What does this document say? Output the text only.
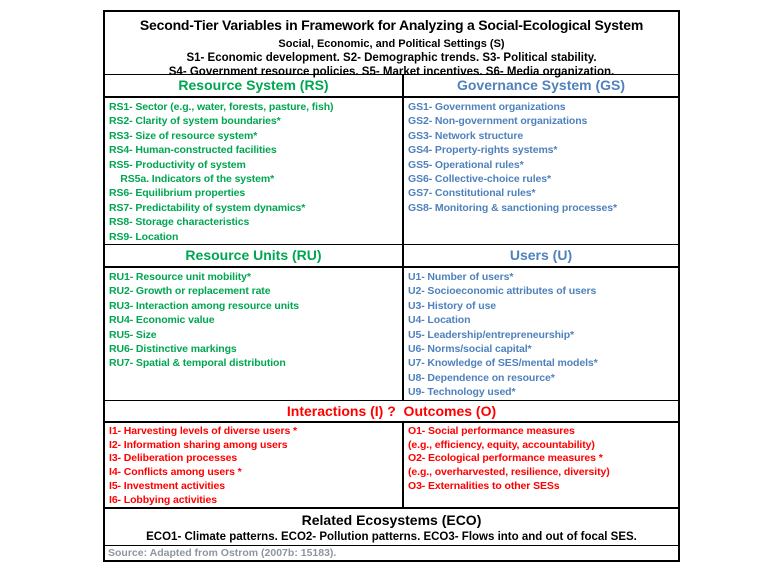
Second-Tier Variables in Framework for Analyzing a Social-Ecological System
Social, Economic, and Political Settings (S)
S1- Economic development. S2- Demographic trends. S3- Political stability.
S4- Government resource policies. S5- Market incentives. S6- Media organization.
Resource System (RS)	Governance System (GS)
RS1- Sector (e.g., water, forests, pasture, fish)
RS2- Clarity of system boundaries*
RS3- Size of resource system*
RS4- Human-constructed facilities
RS5- Productivity of system
RS5a. Indicators of the system*
RS6- Equilibrium properties
RS7- Predictability of system dynamics*
RS8- Storage characteristics
RS9- Location
GS1- Government organizations
GS2- Non-government organizations
GS3- Network structure
GS4- Property-rights systems*
GS5- Operational rules*
GS6- Collective-choice rules*
GS7- Constitutional rules*
GS8- Monitoring & sanctioning processes*
Resource Units (RU)	Users (U)
RU1- Resource unit mobility*
RU2- Growth or replacement rate
RU3- Interaction among resource units
RU4- Economic value
RU5- Size
RU6- Distinctive markings
RU7- Spatial & temporal distribution
U1- Number of users*
U2- Socioeconomic attributes of users
U3- History of use
U4- Location
U5- Leadership/entrepreneurship*
U6- Norms/social capital*
U7- Knowledge of SES/mental models*
U8- Dependence on resource*
U9- Technology used*
Interactions (I) ?  Outcomes (O)
I1- Harvesting levels of diverse users *
I2- Information sharing among users
I3- Deliberation processes
I4- Conflicts among users *
I5- Investment activities
I6- Lobbying activities
O1- Social performance measures
(e.g., efficiency, equity, accountability)
O2- Ecological performance measures *
(e.g., overharvested, resilience, diversity)
O3- Externalities to other SESs
Related Ecosystems (ECO)
ECO1- Climate patterns. ECO2- Pollution patterns. ECO3- Flows into and out of focal SES.
Source: Adapted from Ostrom (2007b: 15183).
